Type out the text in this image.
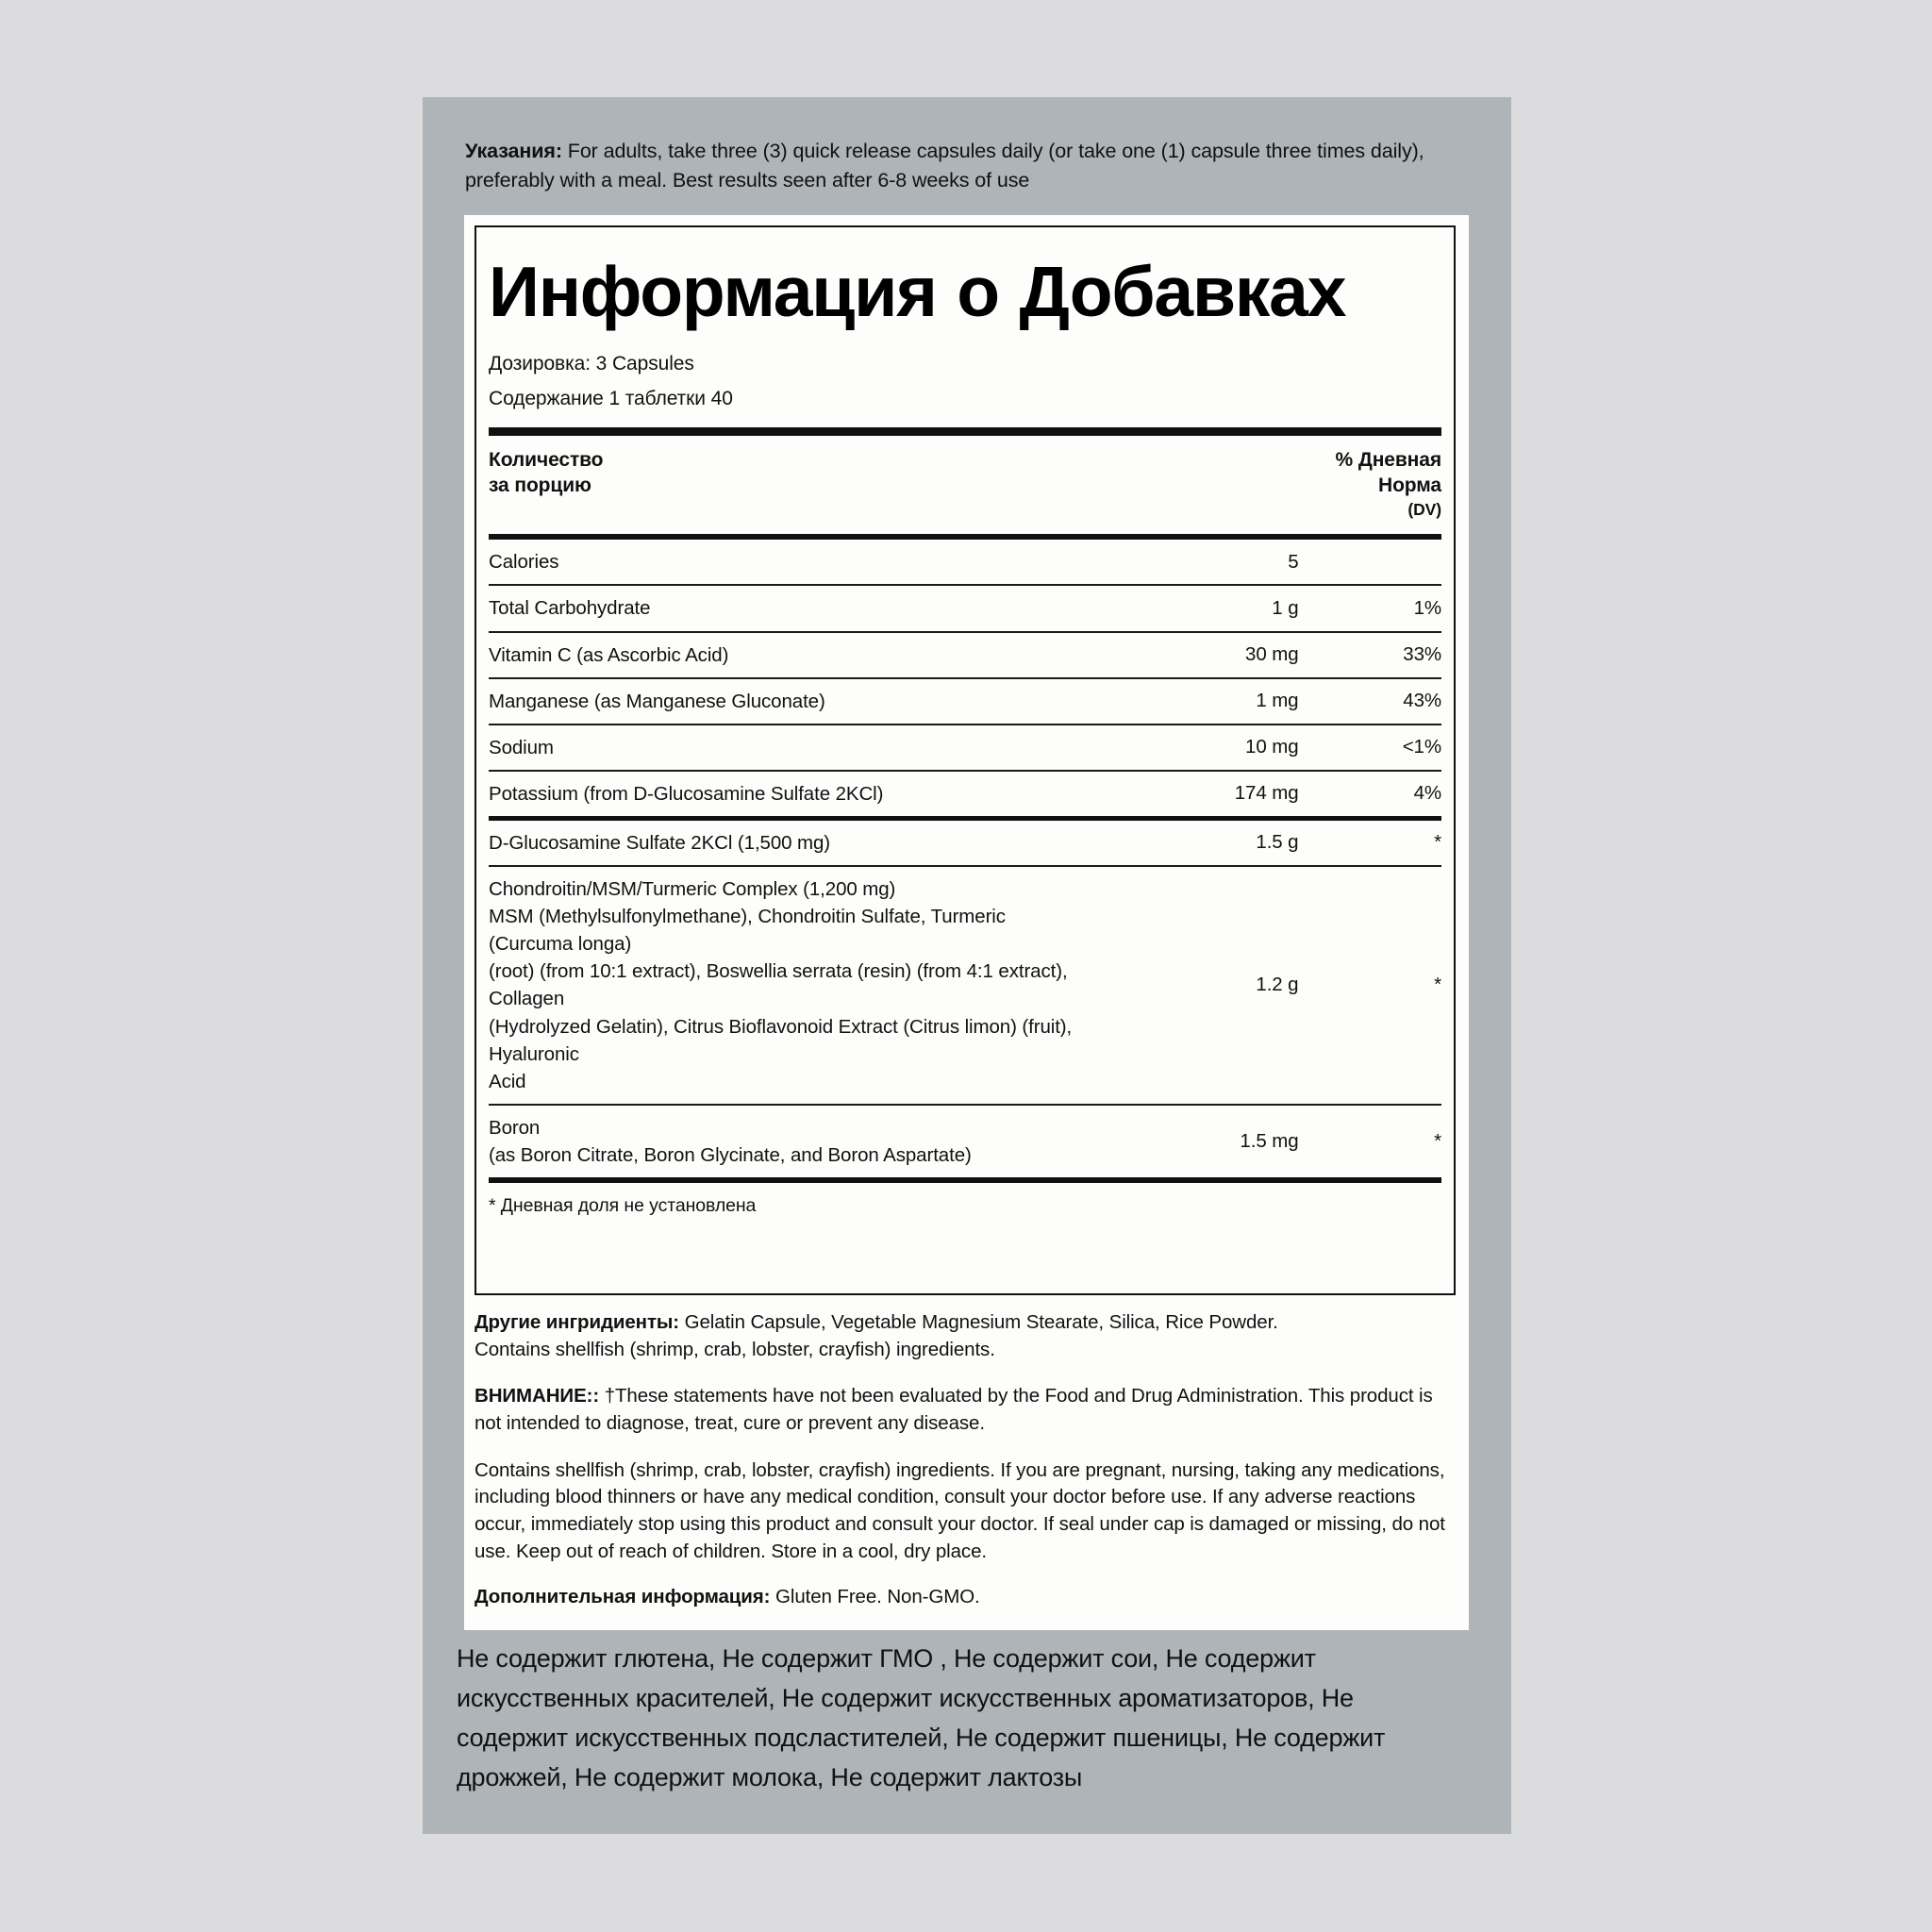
Указания: For adults, take three (3) quick release capsules daily (or take one (1) capsule three times daily), preferably with a meal. Best results seen after 6-8 weeks of use
Информация о Добавках
Дозировка: 3 Capsules
Содержание 1 таблетки 40
Количество
за порцию

% Дневная
Норма
(DV)
Calories	5	

Total Carbohydrate	1 g	1%

Vitamin C (as Ascorbic Acid)	30 mg	33%

Manganese (as Manganese Gluconate)	1 mg	43%

Sodium	10 mg	<1%

Potassium (from D-Glucosamine Sulfate 2KCl)	174 mg	4%

D-Glucosamine Sulfate 2KCl (1,500 mg)	1.5 g	*

Chondroitin/MSM/Turmeric Complex (1,200 mg)
MSM (Methylsulfonylmethane), Chondroitin Sulfate, Turmeric (Curcuma longa)
(root) (from 10:1 extract), Boswellia serrata (resin) (from 4:1 extract), Collagen
(Hydrolyzed Gelatin), Citrus Bioflavonoid Extract (Citrus limon) (fruit), Hyaluronic
Acid	1.2 g	*

Boron
(as Boron Citrate, Boron Glycinate, and Boron Aspartate)	1.5 mg	*
* Дневная доля не установлена

Другие ингридиенты: Gelatin Capsule, Vegetable Magnesium Stearate, Silica, Rice Powder.

Contains shellfish (shrimp, crab, lobster, crayfish) ingredients.

ВНИМАНИЕ:: †These statements have not been evaluated by the Food and Drug Administration. This product is not intended to diagnose, treat, cure or prevent any disease.

Contains shellfish (shrimp, crab, lobster, crayfish) ingredients. If you are pregnant, nursing, taking any medications, including blood thinners or have any medical condition, consult your doctor before use. If any adverse reactions occur, immediately stop using this product and consult your doctor. If seal under cap is damaged or missing, do not use. Keep out of reach of children. Store in a cool, dry place.

Дополнительная информация: Gluten Free. Non-GMO.

Не содержит глютена, Не содержит ГМО , Не содержит сои, Не содержит искусственных красителей, Не содержит искусственных ароматизаторов, Не содержит искусственных подсластителей, Не содержит пшеницы, Не содержит дрожжей, Не содержит молока, Не содержит лактозы
